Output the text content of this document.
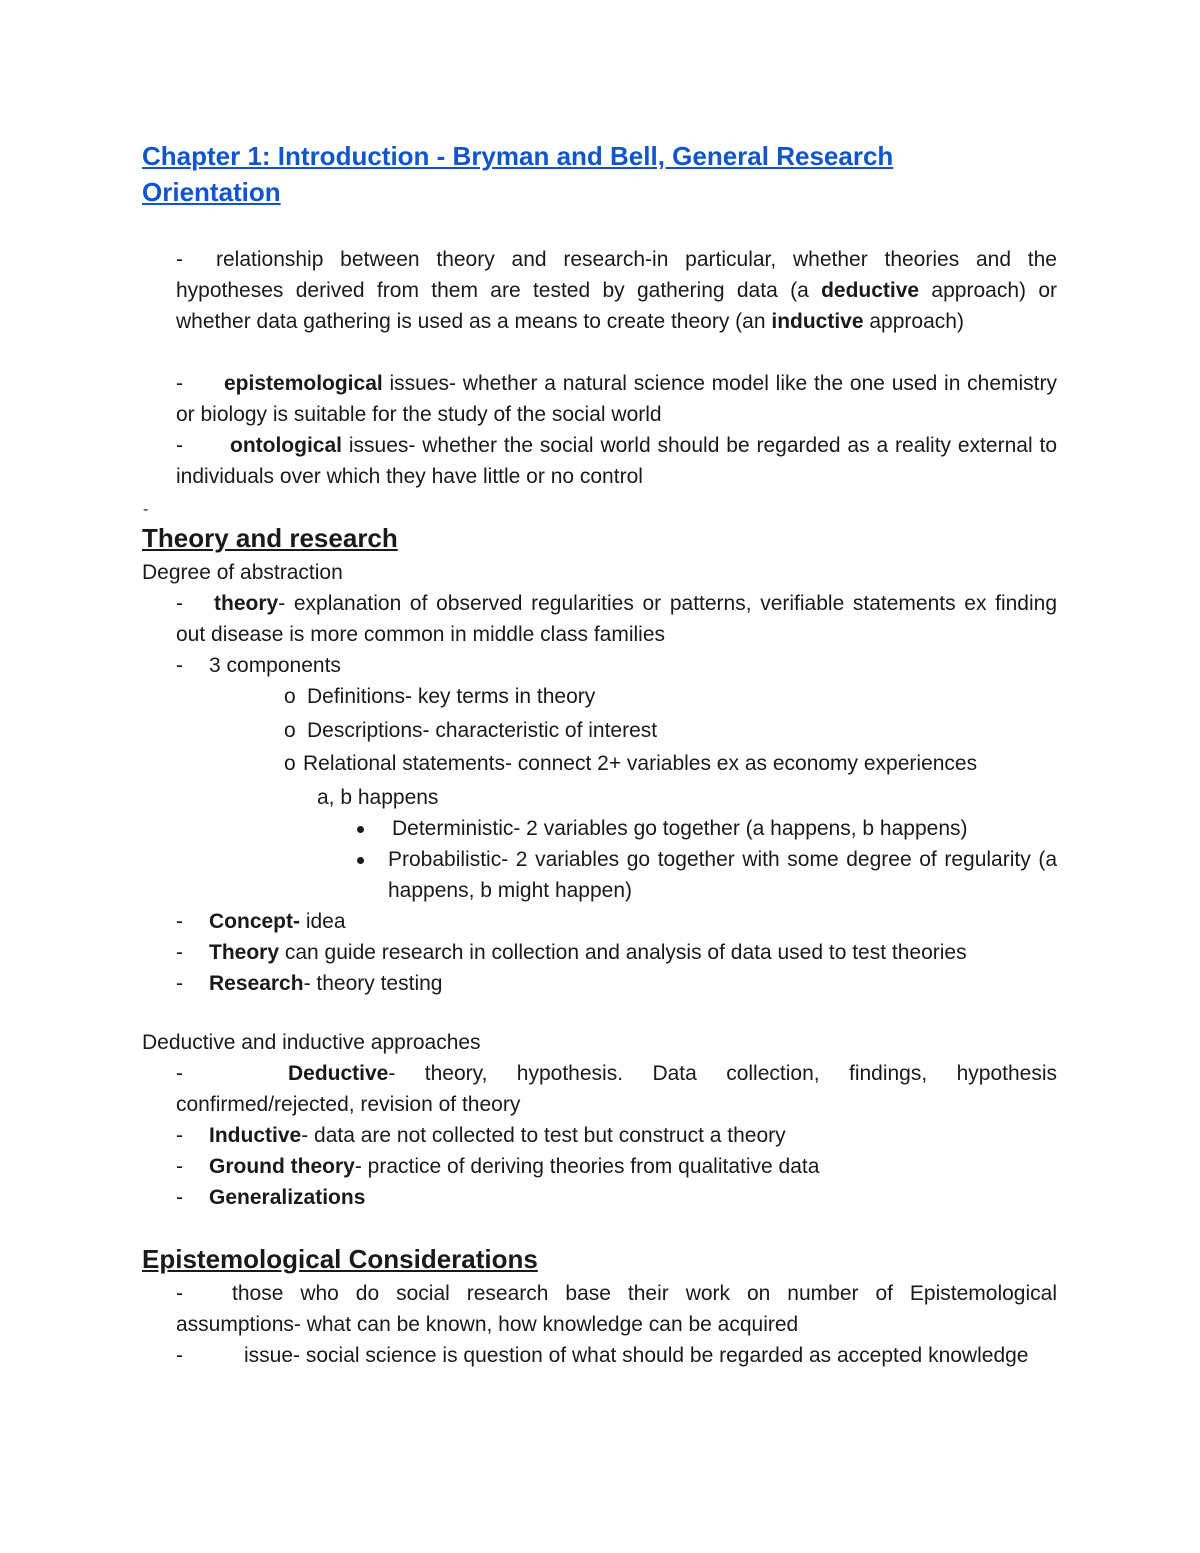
Chapter 1: Introduction - Bryman and Bell, General Research
Orientation
-	relationship between theory and research-in particular, whether theories and the hypotheses derived from them are tested by gathering data (a deductive approach) or whether data gathering is used as a means to create theory (an inductive approach)
-	epistemological issues- whether a natural science model like the one used in chemistry or biology is suitable for the study of the social world
-	ontological issues- whether the social world should be regarded as a reality external to individuals over which they have little or no control
-
Theory and research
Degree of abstraction
-	theory- explanation of observed regularities or patterns, verifiable statements ex finding out disease is more common in middle class families
- 3 components
o Definitions- key terms in theory
o Descriptions- characteristic of interest
o Relational statements- connect 2+ variables ex as economy experiences
a, b happens
Deterministic- 2 variables go together (a happens, b happens)
Probabilistic- 2 variables go together with some degree of regularity (a happens, b might happen)
- Concept- idea
- Theory can guide research in collection and analysis of data used to test theories
- Research- theory testing
Deductive and inductive approaches
-	Deductive- theory, hypothesis. Data collection, findings, hypothesis confirmed/rejected, revision of theory
- Inductive- data are not collected to test but construct a theory
- Ground theory- practice of deriving theories from qualitative data
- Generalizations
Epistemological Considerations
-	those who do social research base their work on number of Epistemological assumptions- what can be known, how knowledge can be acquired
-	issue- social science is question of what should be regarded as accepted knowledge
